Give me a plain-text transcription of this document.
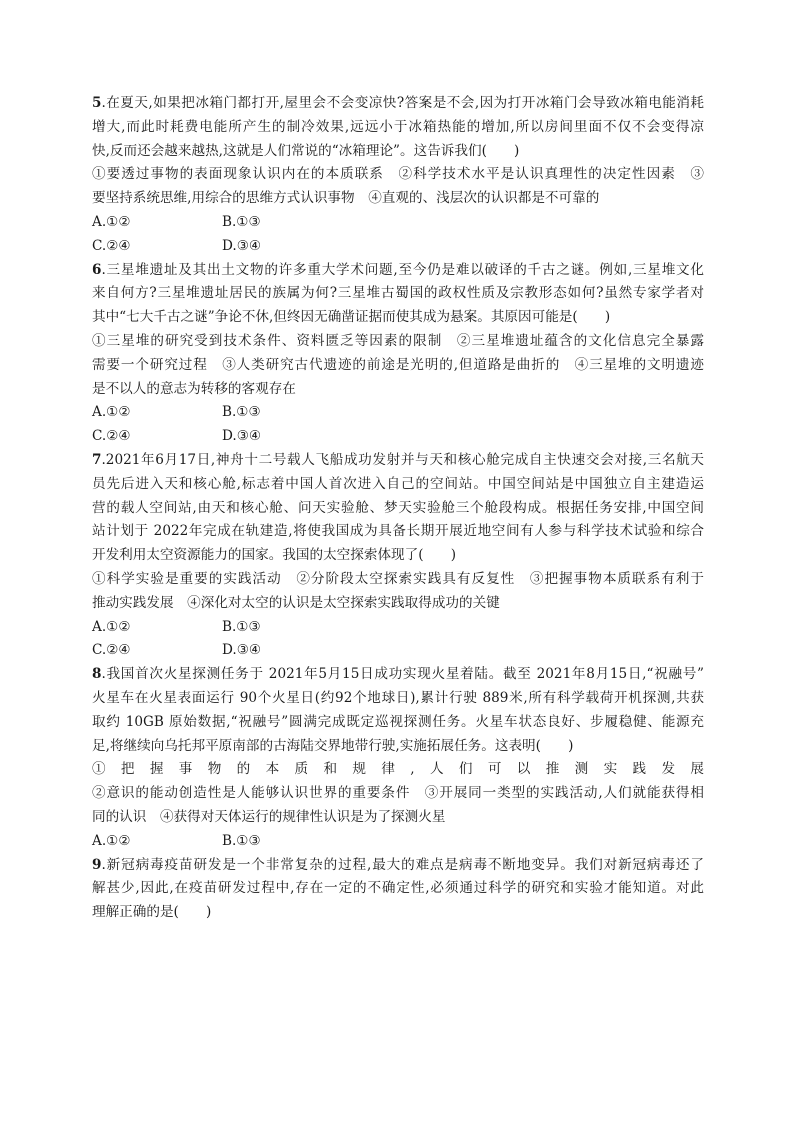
5.在夏天,如果把冰箱门都打开,屋里会不会变凉快?答案是不会,因为打开冰箱门会导致冰箱电能消耗

增大,而此时耗费电能所产生的制冷效果,远远小于冰箱热能的增加,所以房间里面不仅不会变得凉

快,反而还会越来越热,这就是人们常说的“冰箱理论”。这告诉我们(　　)

①要透过事物的表面现象认识内在的本质联系　②科学技术水平是认识真理性的决定性因素　③

要坚持系统思维,用综合的思维方式认识事物　④直观的、浅层次的认识都是不可靠的

A.①②	B.①③
C.②④	D.③④

6.三星堆遗址及其出土文物的许多重大学术问题,至今仍是难以破译的千古之谜。例如,三星堆文化

来自何方?三星堆遗址居民的族属为何?三星堆古蜀国的政权性质及宗教形态如何?虽然专家学者对

其中“七大千古之谜”争论不休,但终因无确凿证据而使其成为悬案。其原因可能是(　　)

①三星堆的研究受到技术条件、资料匮乏等因素的限制　②三星堆遗址蕴含的文化信息完全暴露

需要一个研究过程　③人类研究古代遗迹的前途是光明的,但道路是曲折的　④三星堆的文明遗迹

是不以人的意志为转移的客观存在

A.①②	B.①③
C.②④	D.③④

7.2021年6月17日,神舟十二号载人飞船成功发射并与天和核心舱完成自主快速交会对接,三名航天

员先后进入天和核心舱,标志着中国人首次进入自己的空间站。中国空间站是中国独立自主建造运

营的载人空间站,由天和核心舱、问天实验舱、梦天实验舱三个舱段构成。根据任务安排,中国空间

站计划于 2022年完成在轨建造,将使我国成为具备长期开展近地空间有人参与科学技术试验和综合

开发利用太空资源能力的国家。我国的太空探索体现了(　　)

①科学实验是重要的实践活动　②分阶段太空探索实践具有反复性　③把握事物本质联系有利于

推动实践发展　④深化对太空的认识是太空探索实践取得成功的关键

A.①②	B.①③
C.②④	D.③④

8.我国首次火星探测任务于 2021年5月15日成功实现火星着陆。截至 2021年8月15日,“祝融号”

火星车在火星表面运行 90个火星日(约92个地球日),累计行驶 889米,所有科学载荷开机探测,共获

取约 10GB 原始数据,“祝融号”圆满完成既定巡视探测任务。火星车状态良好、步履稳健、能源充

足,将继续向乌托邦平原南部的古海陆交界地带行驶,实施拓展任务。这表明(　　)

①把握事物的本质和规律,人们可以推测实践发展

②意识的能动创造性是人能够认识世界的重要条件　③开展同一类型的实践活动,人们就能获得相

同的认识　④获得对天体运行的规律性认识是为了探测火星

A.①②	B.①③

9.新冠病毒疫苗研发是一个非常复杂的过程,最大的难点是病毒不断地变异。我们对新冠病毒还了

解甚少,因此,在疫苗研发过程中,存在一定的不确定性,必须通过科学的研究和实验才能知道。对此

理解正确的是(　　)
